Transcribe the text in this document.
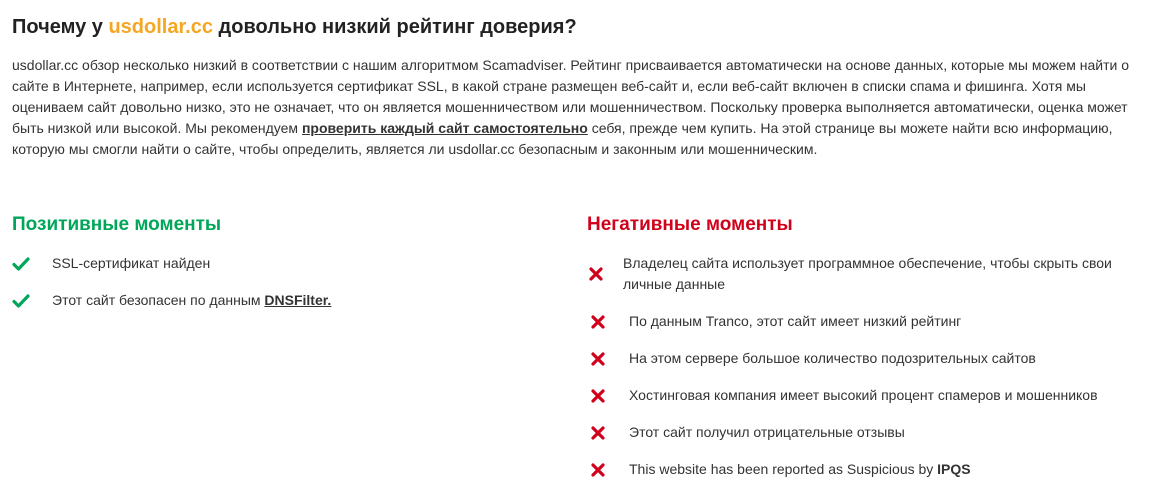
Почему у usdollar.cc довольно низкий рейтинг доверия?

usdollar.cc обзор несколько низкий в соответствии с нашим алгоритмом Scamadviser. Рейтинг присваивается автоматически на основе данных, которые мы можем найти о сайте в Интернете, например, если используется сертификат SSL, в какой стране размещен веб-сайт и, если веб-сайт включен в списки спама и фишинга. Хотя мы оцениваем сайт довольно низко, это не означает, что он является мошенничеством или мошенничеством. Поскольку проверка выполняется автоматически, оценка может быть низкой или высокой. Мы рекомендуем проверить каждый сайт самостоятельно себя, прежде чем купить. На этой странице вы можете найти всю информацию, которую мы смогли найти о сайте, чтобы определить, является ли usdollar.cc безопасным и законным или мошенническим.

Позитивные моменты
SSL-сертификат найден
Этот сайт безопасен по данным DNSFilter.
Негативные моменты
Владелец сайта использует программное обеспечение, чтобы скрыть свои личные данные
По данным Tranco, этот сайт имеет низкий рейтинг
На этом сервере большое количество подозрительных сайтов
Хостинговая компания имеет высокий процент спамеров и мошенников
Этот сайт получил отрицательные отзывы
This website has been reported as Suspicious by IPQS
